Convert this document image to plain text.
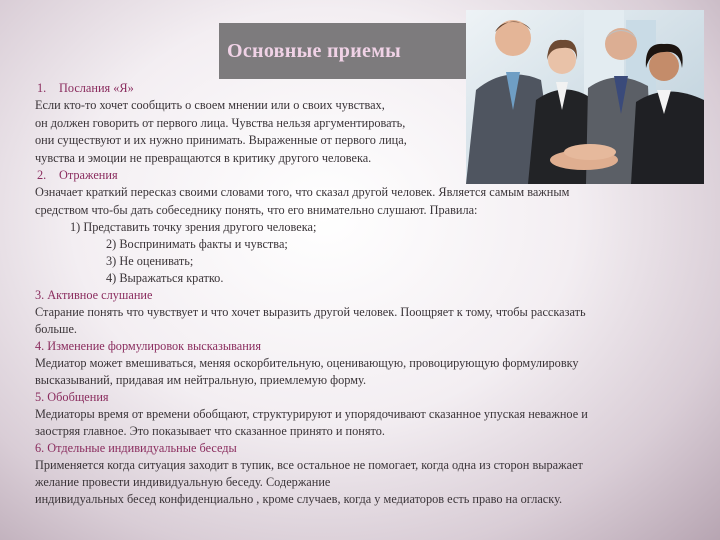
Основные приемы
1. Послания «Я»
Если кто-то хочет сообщить о своем мнении или о своих чувствах,
он должен говорить от первого лица. Чувства нельзя аргументировать,
они существуют и их нужно принимать. Выраженные от первого лица,
чувства и эмоции не превращаются в критику другого человека.
2. Отражения
Означает краткий пересказ своими словами того, что сказал другой человек. Является самым важным
средством что-бы дать собеседнику понять, что его внимательно слушают. Правила:
1) Представить точку зрения другого человека;
2) Воспринимать факты и чувства;
3) Не оценивать;
4) Выражаться кратко.
3. Активное слушание
Старание понять что чувствует и что хочет выразить другой человек. Поощряет к тому, чтобы рассказать
больше.
4. Изменение формулировок высказывания
Медиатор может вмешиваться, меняя оскорбительную, оценивающую, провоцирующую формулировку
высказываний, придавая им нейтральную, приемлемую форму.
5. Обобщения
Медиаторы время от времени обобщают, структурируют и упорядочивают сказанное упуская неважное и
заостряя главное. Это показывает что сказанное принято и понято.
6. Отдельные индивидуальные беседы
Применяется когда ситуация заходит в тупик, все остальное не помогает, когда одна из сторон выражает
желание провести индивидуальную беседу. Содержание
индивидуальных бесед конфиденциально , кроме случаев, когда у медиаторов есть право на огласку.
